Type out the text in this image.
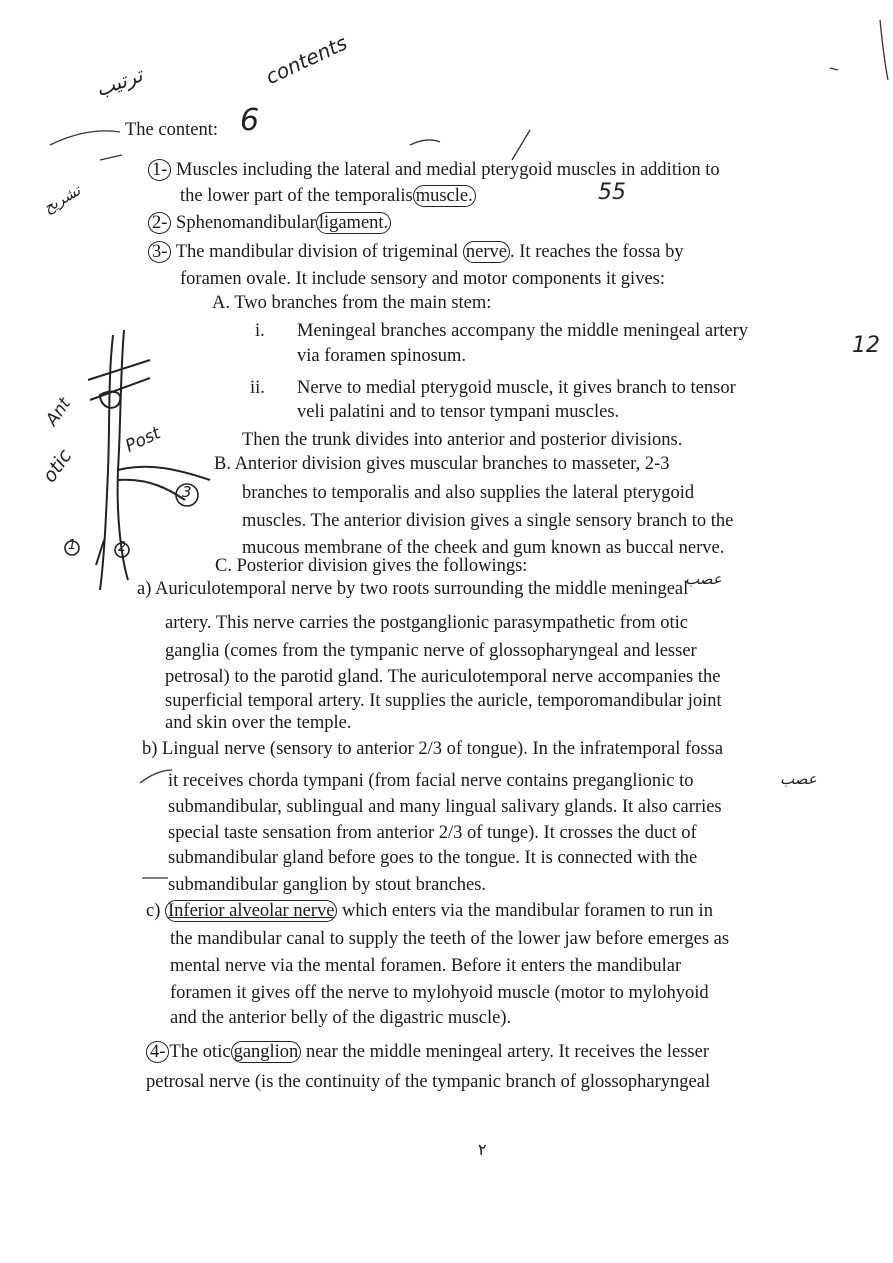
ترتيب
تشريح
6
contents
55
12
Ant
otic
Post
1	2
3
عصب
عصب
The content:
1- Muscles including the lateral and medial pterygoid muscles in addition to
the lower part of the temporalis muscle.
2- Sphenomandibular ligament.
3- The mandibular division of trigeminal nerve . It reaches the fossa by
foramen ovale. It include sensory and motor components it gives:
A. Two branches from the main stem:
i. Meningeal branches accompany the middle meningeal artery
via foramen spinosum.
ii. Nerve to medial pterygoid muscle, it gives branch to tensor
veli palatini and to tensor tympani muscles.
Then the trunk divides into anterior and posterior divisions.
B. Anterior division gives muscular branches to masseter, 2-3
branches to temporalis and also supplies the lateral pterygoid
muscles. The anterior division gives a single sensory branch to the
mucous membrane of the cheek and gum known as buccal nerve.
C. Posterior division gives the followings:
a) Auriculotemporal nerve by two roots surrounding the middle meningeal
artery. This nerve carries the postganglionic parasympathetic from otic
ganglia (comes from the tympanic nerve of glossopharyngeal and lesser
petrosal) to the parotid gland. The auriculotemporal nerve accompanies the
superficial temporal artery. It supplies the auricle, temporomandibular joint
and skin over the temple.
b) Lingual nerve (sensory to anterior 2/3 of tongue). In the infratemporal fossa
it receives chorda tympani (from facial nerve contains preganglionic to
submandibular, sublingual and many lingual salivary glands. It also carries
special taste sensation from anterior 2/3 of tunge). It crosses the duct of
submandibular gland before goes to the tongue. It is connected with the
submandibular ganglion by stout branches.
c) Inferior alveolar nerve which enters via the mandibular foramen to run in
the mandibular canal to supply the teeth of the lower jaw before emerges as
mental nerve via the mental foramen. Before it enters the mandibular
foramen it gives off the nerve to mylohyoid muscle (motor to mylohyoid
and the anterior belly of the digastric muscle).
4- The otic ganglion near the middle meningeal artery. It receives the lesser
petrosal nerve (is the continuity of the tympanic branch of glossopharyngeal
٢
